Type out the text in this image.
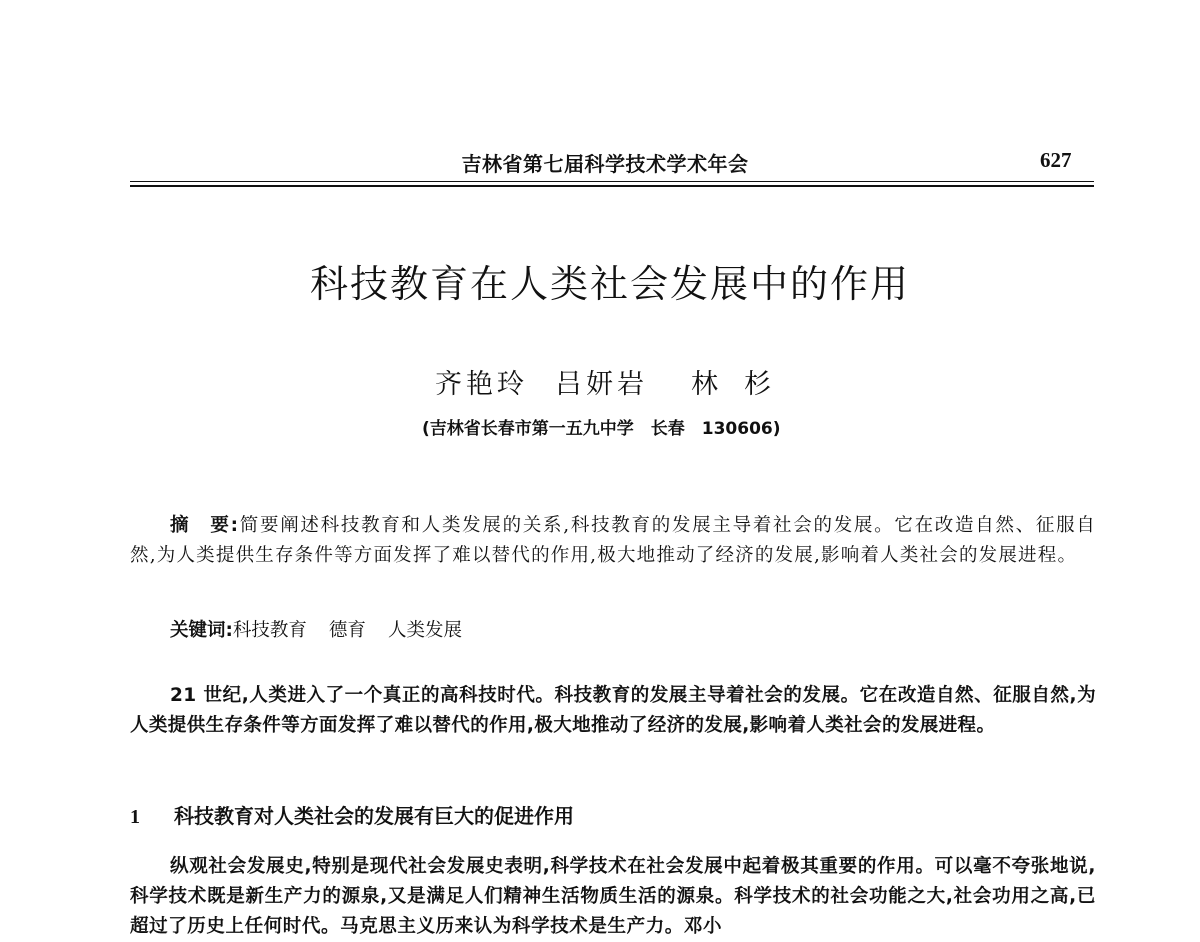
吉林省第七届科学技术学术年会	627
科技教育在人类社会发展中的作用
齐艳玲 吕妍岩 林杉
(吉林省长春市第一五九中学　长春　130606)

摘　要:简要阐述科技教育和人类发展的关系,科技教育的发展主导着社会的发展。它在改造自然、征服自然,为人类提供生存条件等方面发挥了难以替代的作用,极大地推动了经济的发展,影响着人类社会的发展进程。

关键词:科技教育 德育 人类发展

21 世纪,人类进入了一个真正的高科技时代。科技教育的发展主导着社会的发展。它在改造自然、征服自然,为人类提供生存条件等方面发挥了难以替代的作用,极大地推动了经济的发展,影响着人类社会的发展进程。

1 科技教育对人类社会的发展有巨大的促进作用

纵观社会发展史,特别是现代社会发展史表明,科学技术在社会发展中起着极其重要的作用。可以毫不夸张地说,科学技术既是新生产力的源泉,又是满足人们精神生活物质生活的源泉。科学技术的社会功能之大,社会功用之高,已超过了历史上任何时代。马克思主义历来认为科学技术是生产力。邓小
